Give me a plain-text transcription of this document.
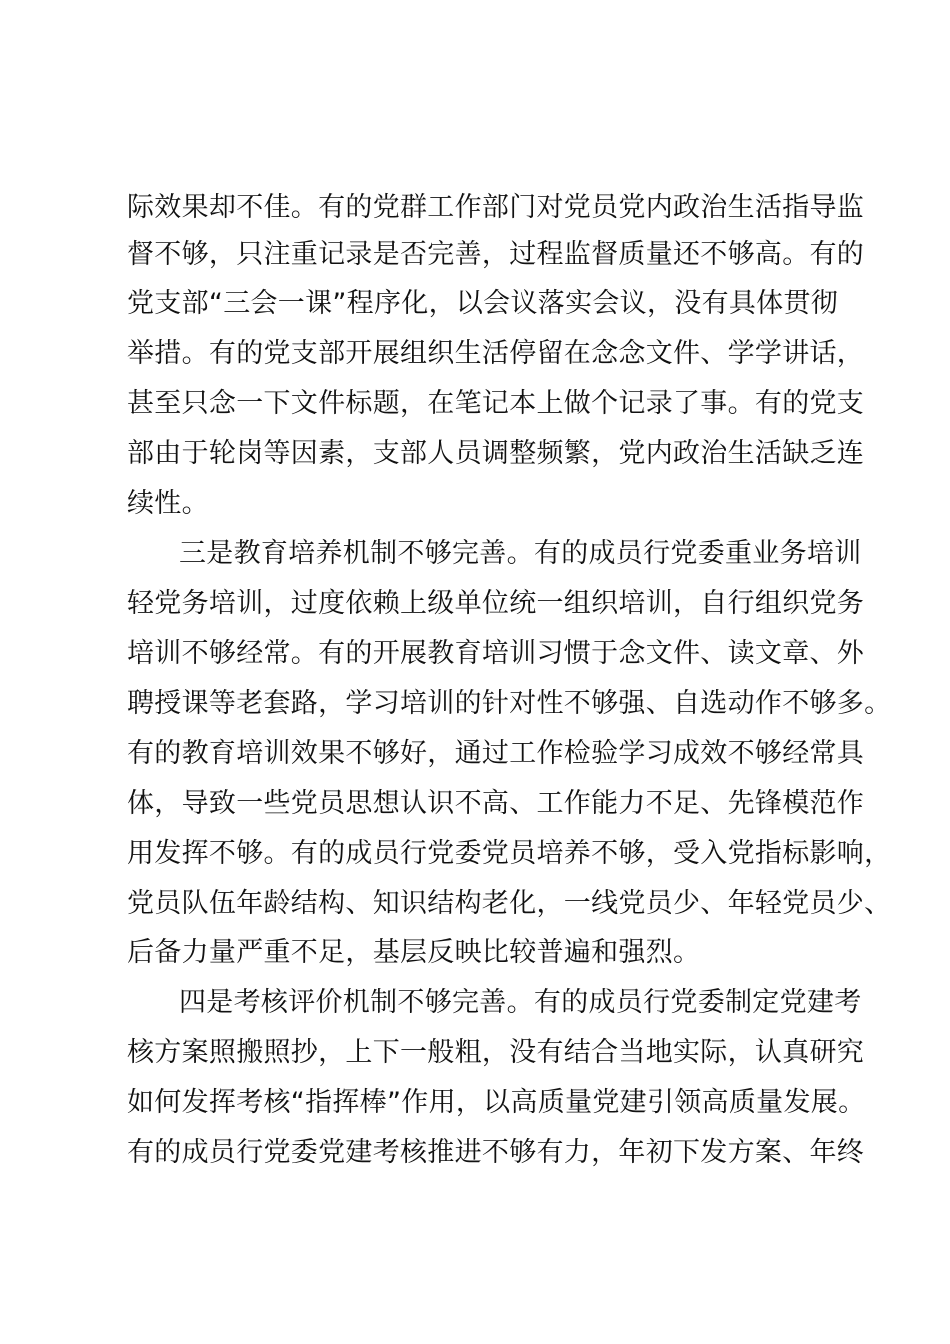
际效果却不佳。有的党群工作部门对党员党内政治生活指导监
督不够，只注重记录是否完善，过程监督质量还不够高。有的
党支部“三会一课”程序化，以会议落实会议，没有具体贯彻
举措。有的党支部开展组织生活停留在念念文件、学学讲话，
甚至只念一下文件标题，在笔记本上做个记录了事。有的党支
部由于轮岗等因素，支部人员调整频繁，党内政治生活缺乏连
续性。
三是教育培养机制不够完善。有的成员行党委重业务培训
轻党务培训，过度依赖上级单位统一组织培训，自行组织党务
培训不够经常。有的开展教育培训习惯于念文件、读文章、外
聘授课等老套路，学习培训的针对性不够强、自选动作不够多。
有的教育培训效果不够好，通过工作检验学习成效不够经常具
体，导致一些党员思想认识不高、工作能力不足、先锋模范作
用发挥不够。有的成员行党委党员培养不够，受入党指标影响，
党员队伍年龄结构、知识结构老化，一线党员少、年轻党员少、
后备力量严重不足，基层反映比较普遍和强烈。
四是考核评价机制不够完善。有的成员行党委制定党建考
核方案照搬照抄，上下一般粗，没有结合当地实际，认真研究
如何发挥考核“指挥棒”作用，以高质量党建引领高质量发展。
有的成员行党委党建考核推进不够有力，年初下发方案、年终
